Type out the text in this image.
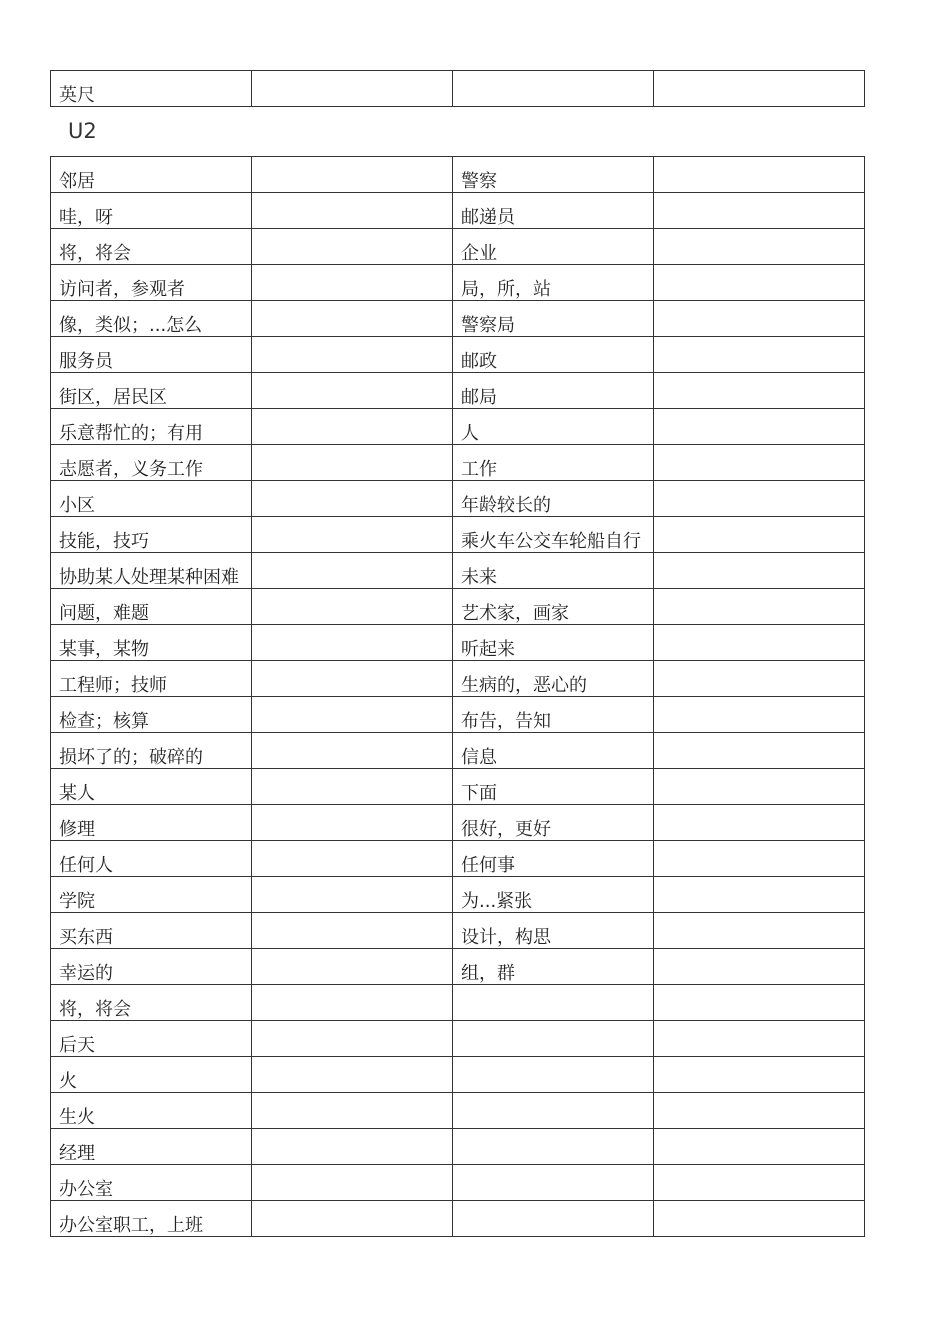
英尺			
U2
邻居		警察	
哇，呀		邮递员	
将，将会		企业	
访问者，参观者		局，所，站	
像，类似；...怎么		警察局	
服务员		邮政	
街区，居民区		邮局	
乐意帮忙的；有用		人	
志愿者，义务工作		工作	
小区		年龄较长的	
技能，技巧		乘火车公交车轮船自行	
协助某人处理某种困难		未来	
问题，难题		艺术家，画家	
某事，某物		听起来	
工程师；技师		生病的，恶心的	
检查；核算		布告，告知	
损坏了的；破碎的		信息	
某人		下面	
修理		很好，更好	
任何人		任何事	
学院		为...紧张	
买东西		设计，构思	
幸运的		组，群	
将，将会			
后天			
火			
生火			
经理			
办公室			
办公室职工，上班			
